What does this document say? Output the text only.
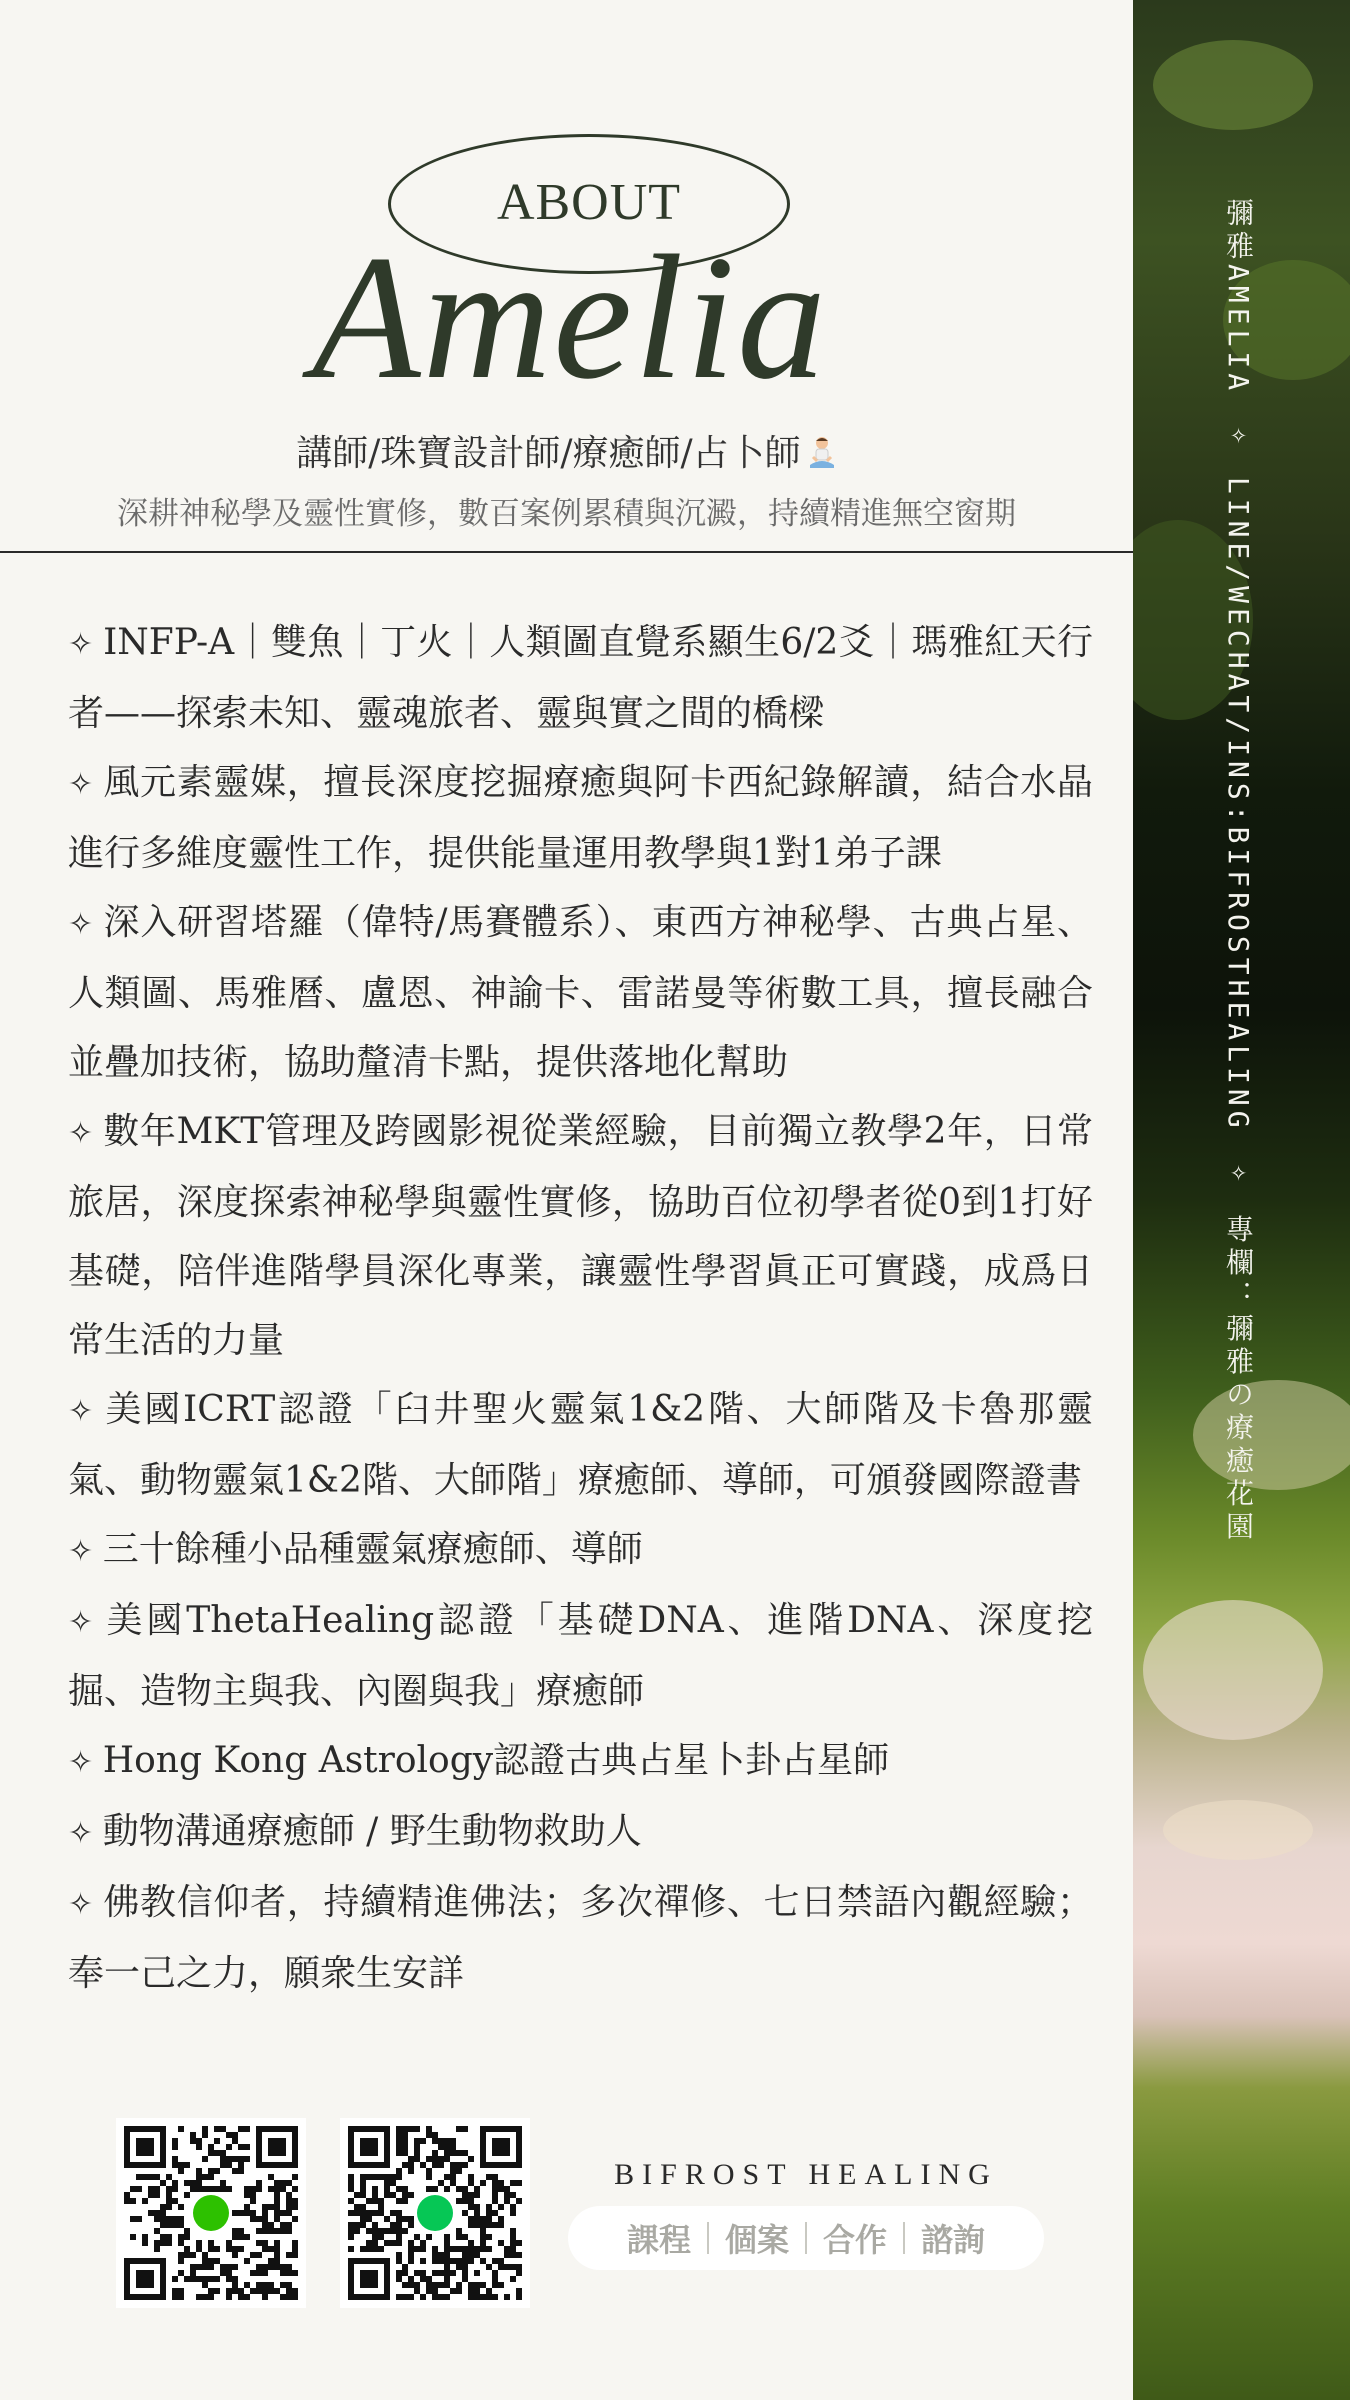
ABOUT
Amelia
講師/珠寶設計師/療癒師/占卜師
深耕神秘學及靈性實修，數百案例累積與沉澱，持續精進無空窗期
✧ INFP-A｜雙魚｜丁火｜人類圖直覺系顯生6/2爻｜瑪雅紅天行者——探索未知、靈魂旅者、靈與實之間的橋樑
✧ 風元素靈媒，擅長深度挖掘療癒與阿卡西紀錄解讀，結合水晶進行多維度靈性工作，提供能量運用教學與1對1弟子課
✧ 深入研習塔羅（偉特/馬賽體系）、東西方神秘學、古典占星、人類圖、馬雅曆、盧恩、神諭卡、雷諾曼等術數工具，擅長融合並疊加技術，協助釐清卡點，提供落地化幫助
✧ 數年MKT管理及跨國影視從業經驗，目前獨立教學2年，日常旅居，深度探索神秘學與靈性實修，協助百位初學者從0到1打好基礎，陪伴進階學員深化專業，讓靈性學習眞正可實踐，成爲日常生活的力量
✧ 美國ICRT認證「臼井聖火靈氣1&2階、大師階及卡魯那靈氣、動物靈氣1&2階、大師階」療癒師、導師，可頒發國際證書
✧ 三十餘種小品種靈氣療癒師、導師
✧ 美國ThetaHealing認證「基礎DNA、進階DNA、深度挖掘、造物主與我、內圈與我」療癒師
✧ Hong Kong Astrology認證古典占星卜卦占星師
✧ 動物溝通療癒師 / 野生動物救助人
✧ 佛教信仰者，持續精進佛法；多次禪修、七日禁語內觀經驗；奉一己之力，願衆生安詳
BIFROST HEALING
課程 個案 合作 諮詢
彌雅AMELIA ✧ LINE/WECHAT/INS:BIFROSTHEALING ✧ 專欄：彌雅の療癒花園
